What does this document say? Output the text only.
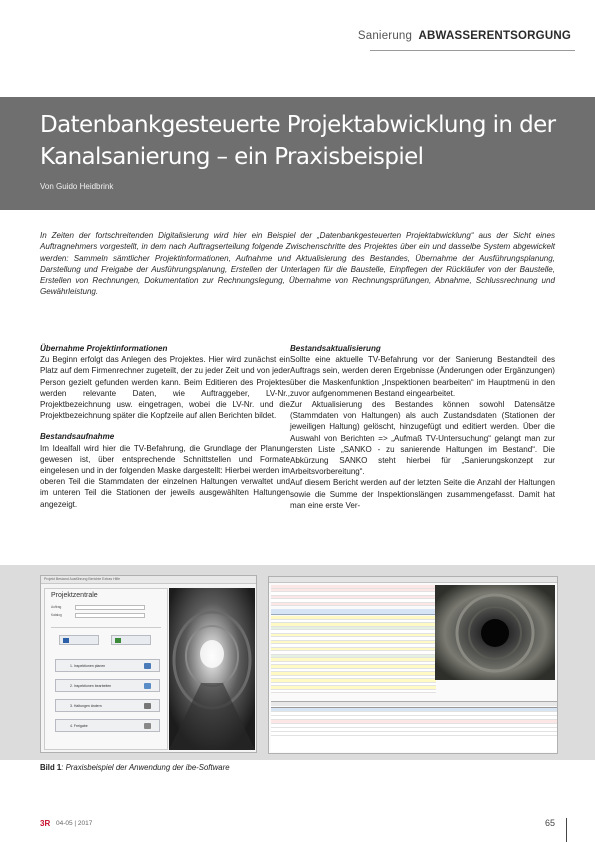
Sanierung ABWASSERENTSORGUNG
Datenbankgesteuerte Projektabwicklung in der Kanalsanierung – ein Praxisbeispiel
Von Guido Heidbrink

In Zeiten der fortschreitenden Digitalisierung wird hier ein Beispiel der „Datenbankgesteuerten Projektabwicklung“ aus der Sicht eines Auftragnehmers vorgestellt, in dem nach Auftragserteilung folgende Zwischenschritte des Projektes über ein und dasselbe System abgewickelt werden: Sammeln sämtlicher Projektinformationen, Aufnahme und Aktualisierung des Bestandes, Übernahme der Ausführungsplanung, Darstellung und Freigabe der Ausführungsplanung, Erstellen der Unterlagen für die Baustelle, Einpflegen der Rückläufer von der Baustelle, Erstellen von Rechnungen, Dokumentation zur Rechnungslegung, Übernahme von Rechnungsprüfungen, Abnahme, Schlussrechnung und Gewährleistung.

Übernahme Projektinformationen

Zu Beginn erfolgt das Anlegen des Projektes. Hier wird zunächst ein Platz auf dem Firmenrechner zugeteilt, der zu jeder Zeit und von jeder Person gezielt gefunden werden kann. Beim Editieren des Projektes werden relevante Daten, wie Auftraggeber, LV-Nr., Projektbezeichnung usw. eingetragen, wobei die LV-Nr. und die Projektbezeichnung später die Kopfzeile auf allen Berichten bildet.

Bestandsaufnahme

Im Idealfall wird hier die TV-Befahrung, die Grundlage der Planung gewesen ist, über entsprechende Schnittstellen und Formate eingelesen und in der folgenden Maske dargestellt: Hierbei werden im oberen Teil die Stammdaten der einzelnen Haltungen verwaltet und im unteren Teil die Stationen der jeweils ausgewählten Haltungen angezeigt.

Bestandsaktualisierung

Sollte eine aktuelle TV-Befahrung vor der Sanierung Bestandteil des Auftrags sein, werden deren Ergebnisse (Änderungen oder Ergänzungen) über die Maskenfunktion „Inspektionen bearbeiten“ im Hauptmenü in den zuvor aufgenommenen Bestand eingearbeitet.

Zur Aktualisierung des Bestandes können sowohl Datensätze (Stammdaten von Haltungen) als auch Zustandsdaten (Stationen der jeweiligen Haltung) gelöscht, hinzugefügt und editiert werden. Über die Auswahl von Berichten => „Aufmaß TV-Untersuchung“ gelangt man zur ersten Liste „SANKO - zu sanierende Haltungen im Bestand“. Die Abkürzung SANKO steht hierbei für „Sanierungskonzept zur Arbeitsvorbereitung“.

Auf diesem Bericht werden auf der letzten Seite die Anzahl der Haltungen sowie die Summe der Inspektionslängen zusammengefasst. Damit hat man eine erste Ver-

Projekt Bestand Ausführung Berichte Extras Hilfe
Projektzentrale
Auftrag
Katalog
1. Inspektionen planen
2. Inspektionen bearbeiten
3. Haltungen ändern
4. Freigabe
Bild 1: Praxisbeispiel der Anwendung der ibe-Software
3R 04-05 | 2017	65
